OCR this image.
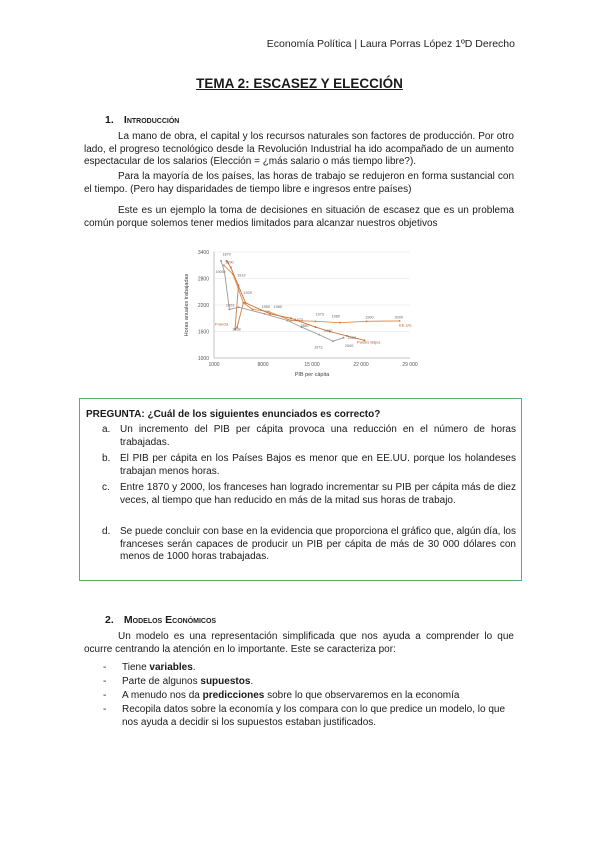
Economía Política | Laura Porras López 1ºD Derecho
TEMA 2: ESCASEZ Y ELECCIÓN
1. Introducción

La mano de obra, el capital y los recursos naturales son factores de producción. Por otro lado, el progreso tecnológico desde la Revolución Industrial ha ido acompañado de un aumento espectacular de los salarios (Elección = ¿más salario o más tiempo libre?).

Para la mayoría de los países, las horas de trabajo se redujeron en forma sustancial con el tiempo. (Pero hay disparidades de tiempo libre e ingresos entre países)

Este es un ejemplo la toma de decisiones en situación de escasez que es un problema común porque solemos tener medios limitados para alcanzar nuestros objetivos

1000
1600
2200
2800
3400
1000	8000	15 000	22 000	29 000
PIB per cápita
Horas anuales trabajadas
1870
1890
1900
1913
1929
1929
1938
1950 1960
1973
1973
1980
1980
1990
1990
2000
2000
1973	2000
Francia	EE.UU.
Países Bajos
PREGUNTA: ¿Cuál de los siguientes enunciados es correcto?
a. Un incremento del PIB per cápita provoca una reducción en el número de horas trabajadas.
b. El PIB per cápita en los Países Bajos es menor que en EE.UU. porque los holandeses trabajan menos horas.
c. Entre 1870 y 2000, los franceses han logrado incrementar su PIB per cápita más de diez veces, al tiempo que han reducido en más de la mitad sus horas de trabajo.
d. Se puede concluir con base en la evidencia que proporciona el gráfico que, algún día, los franceses serán capaces de producir un PIB per cápita de más de 30 000 dólares con menos de 1000 horas trabajadas.
2. Modelos Económicos

Un modelo es una representación simplificada que nos ayuda a comprender lo que ocurre centrando la atención en lo importante. Este se caracteriza por:

- Tiene variables.
- Parte de algunos supuestos.
- A menudo nos da predicciones sobre lo que observaremos en la economía
- Recopila datos sobre la economía y los compara con lo que predice un modelo, lo que nos ayuda a decidir si los supuestos estaban justificados.
